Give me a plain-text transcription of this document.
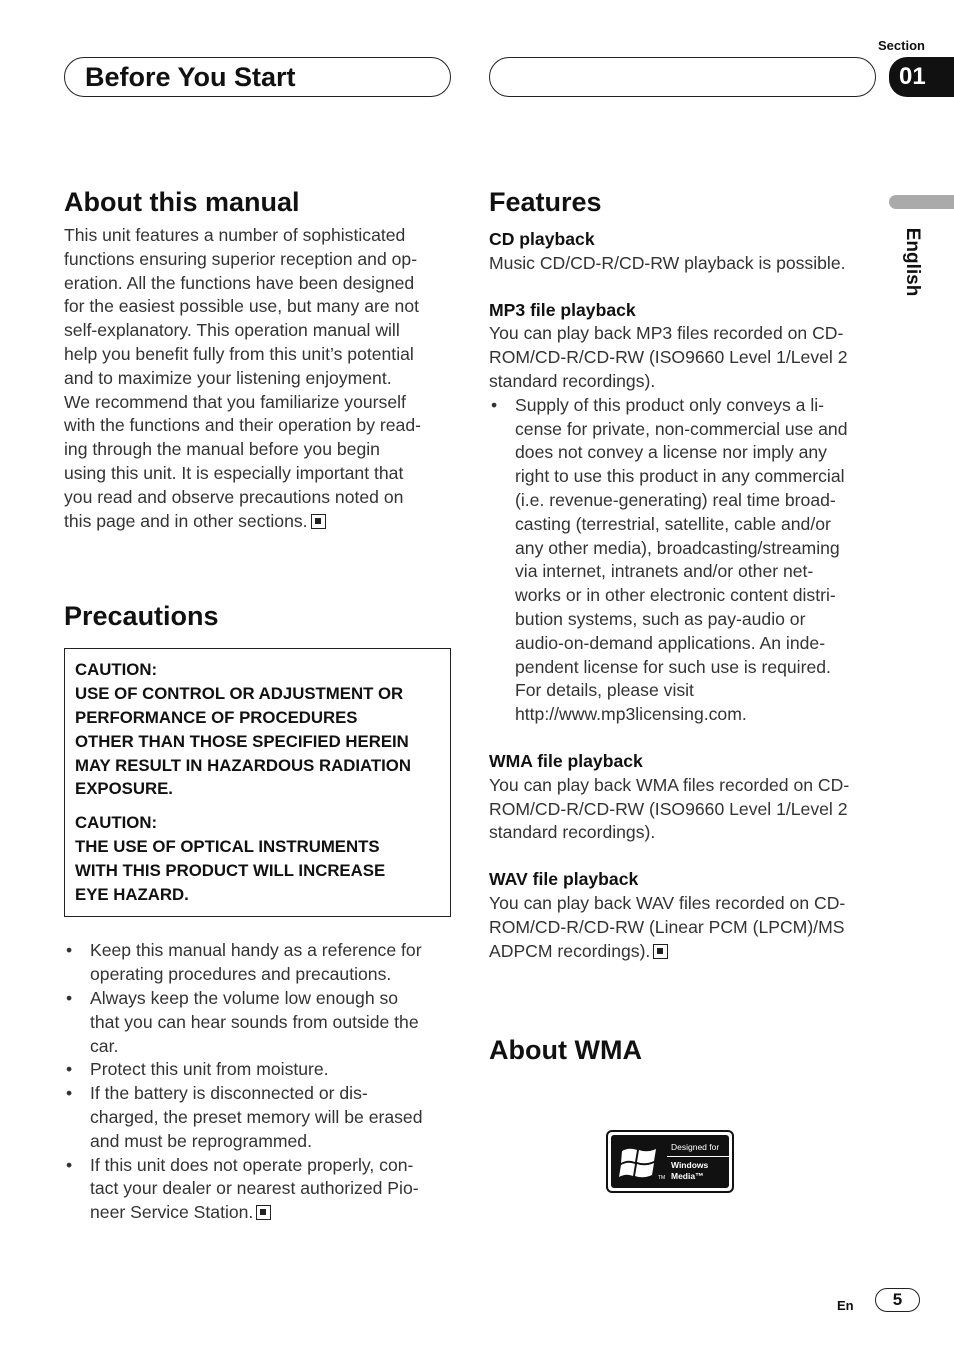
Before You Start
Section
01
English
About this manual
This unit features a number of sophisticated
functions ensuring superior reception and op-
eration. All the functions have been designed
for the easiest possible use, but many are not
self-explanatory. This operation manual will
help you benefit fully from this unit’s potential
and to maximize your listening enjoyment.
We recommend that you familiarize yourself
with the functions and their operation by read-
ing through the manual before you begin
using this unit. It is especially important that
you read and observe precautions noted on
this page and in other sections.
Precautions
CAUTION:
USE OF CONTROL OR ADJUSTMENT OR
PERFORMANCE OF PROCEDURES
OTHER THAN THOSE SPECIFIED HEREIN
MAY RESULT IN HAZARDOUS RADIATION
EXPOSURE.
CAUTION:
THE USE OF OPTICAL INSTRUMENTS
WITH THIS PRODUCT WILL INCREASE
EYE HAZARD.
• Keep this manual handy as a reference for
operating procedures and precautions.
• Always keep the volume low enough so
that you can hear sounds from outside the
car.
• Protect this unit from moisture.
• If the battery is disconnected or dis-
charged, the preset memory will be erased
and must be reprogrammed.
• If this unit does not operate properly, con-
tact your dealer or nearest authorized Pio-
neer Service Station.
Features
CD playback
Music CD/CD-R/CD-RW playback is possible.
MP3 file playback
You can play back MP3 files recorded on CD-
ROM/CD-R/CD-RW (ISO9660 Level 1/Level 2
standard recordings).
• Supply of this product only conveys a li-
cense for private, non-commercial use and
does not convey a license nor imply any
right to use this product in any commercial
(i.e. revenue-generating) real time broad-
casting (terrestrial, satellite, cable and/or
any other media), broadcasting/streaming
via internet, intranets and/or other net-
works or in other electronic content distri-
bution systems, such as pay-audio or
audio-on-demand applications. An inde-
pendent license for such use is required.
For details, please visit
http://www.mp3licensing.com.
WMA file playback
You can play back WMA files recorded on CD-
ROM/CD-R/CD-RW (ISO9660 Level 1/Level 2
standard recordings).
WAV file playback
You can play back WAV files recorded on CD-
ROM/CD-R/CD-RW (Linear PCM (LPCM)/MS
ADPCM recordings).
About WMA
TM
Designed for
Windows
Media™
En	5
